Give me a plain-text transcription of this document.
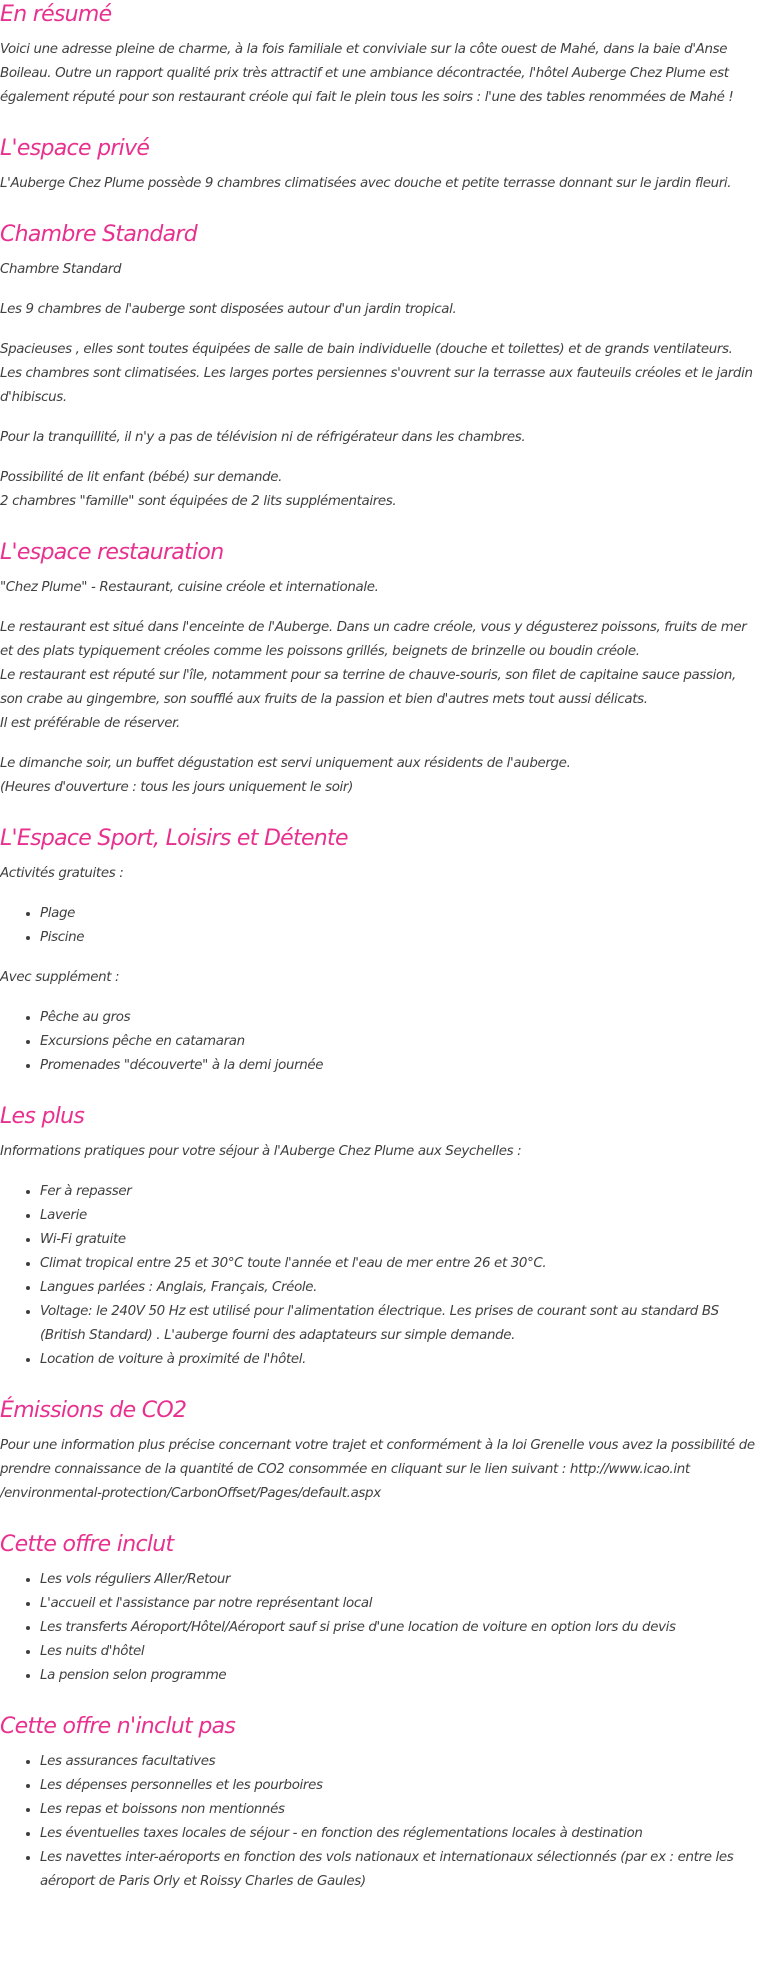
En résumé

Voici une adresse pleine de charme, à la fois familiale et conviviale sur la côte ouest de Mahé, dans la baie d'Anse Boileau. Outre un rapport qualité prix très attractif et une ambiance décontractée, l'hôtel Auberge Chez Plume est également réputé pour son restaurant créole qui fait le plein tous les soirs : l'une des tables renommées de Mahé !

L'espace privé

L'Auberge Chez Plume possède 9 chambres climatisées avec douche et petite terrasse donnant sur le jardin fleuri.

Chambre Standard

Chambre Standard

Les 9 chambres de l'auberge sont disposées autour d'un jardin tropical.

Spacieuses , elles sont toutes équipées de salle de bain individuelle (douche et toilettes) et de grands ventilateurs. Les chambres sont climatisées. Les larges portes persiennes s'ouvrent sur la terrasse aux fauteuils créoles et le jardin d'hibiscus.

Pour la tranquillité, il n'y a pas de télévision ni de réfrigérateur dans les chambres.

Possibilité de lit enfant (bébé) sur demande.
2 chambres "famille" sont équipées de 2 lits supplémentaires.

L'espace restauration

"Chez Plume" - Restaurant, cuisine créole et internationale.

Le restaurant est situé dans l'enceinte de l'Auberge. Dans un cadre créole, vous y dégusterez poissons, fruits de mer et des plats typiquement créoles comme les poissons grillés, beignets de brinzelle ou boudin créole.
Le restaurant est réputé sur l'île, notamment pour sa terrine de chauve-souris, son filet de capitaine sauce passion, son crabe au gingembre, son soufflé aux fruits de la passion et bien d'autres mets tout aussi délicats.
Il est préférable de réserver.

Le dimanche soir, un buffet dégustation est servi uniquement aux résidents de l'auberge.
(Heures d'ouverture : tous les jours uniquement le soir)

L'Espace Sport, Loisirs et Détente

Activités gratuites :

• Plage
• Piscine

Avec supplément :

• Pêche au gros
• Excursions pêche en catamaran
• Promenades "découverte" à la demi journée
Les plus

Informations pratiques pour votre séjour à l'Auberge Chez Plume aux Seychelles :

• Fer à repasser
• Laverie
• Wi-Fi gratuite
• Climat tropical entre 25 et 30°C toute l'année et l'eau de mer entre 26 et 30°C.
• Langues parlées : Anglais, Français, Créole.
• Voltage: le 240V 50 Hz est utilisé pour l'alimentation électrique. Les prises de courant sont au standard BS (British Standard) . L'auberge fourni des adaptateurs sur simple demande.
• Location de voiture à proximité de l'hôtel.
Émissions de CO2

Pour une information plus précise concernant votre trajet et conformément à la loi Grenelle vous avez la possibilité de prendre connaissance de la quantité de CO2 consommée en cliquant sur le lien suivant : http://www.icao.int /environmental-protection/CarbonOffset/Pages/default.aspx

Cette offre inclut
• Les vols réguliers Aller/Retour
• L'accueil et l'assistance par notre représentant local
• Les transferts Aéroport/Hôtel/Aéroport sauf si prise d'une location de voiture en option lors du devis
• Les nuits d'hôtel
• La pension selon programme
Cette offre n'inclut pas
• Les assurances facultatives
• Les dépenses personnelles et les pourboires
• Les repas et boissons non mentionnés
• Les éventuelles taxes locales de séjour - en fonction des réglementations locales à destination
• Les navettes inter-aéroports en fonction des vols nationaux et internationaux sélectionnés (par ex : entre les aéroport de Paris Orly et Roissy Charles de Gaules)
